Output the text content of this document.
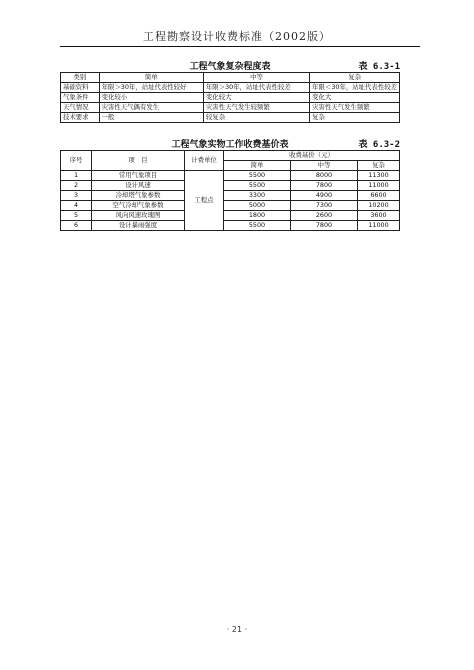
工程勘察设计收费标准（2002版）
工程气象复杂程度表	表 6.3-1
类别	简单	中等	复杂
基础资料	年限＞30年，站址代表性较好	年限＞30年，站址代表性较差	年限＜30年，站址代表性较差
气象条件	变化较小	变化较大	变化大
天气情况	灾害性天气偶有发生	灾害性天气发生较频繁	灾害性天气发生频繁
技术要求	一般	较复杂	复杂
工程气象实物工作收费基价表	表 6.3-2
序号	项　目	计费单位	收费基价（元）		
			简单	中等	复杂
1	常用气象项目	工程点	5500	8000	11300
2	设计风速		5500	7800	11000
3	冷却塔气象参数		3300	4900	6600
4	空气冷却气象参数		5000	7300	10200
5	风向风速玫瑰图		1800	2600	3600
6	设计暴雨强度		5500	7800	11000
· 21 ·
